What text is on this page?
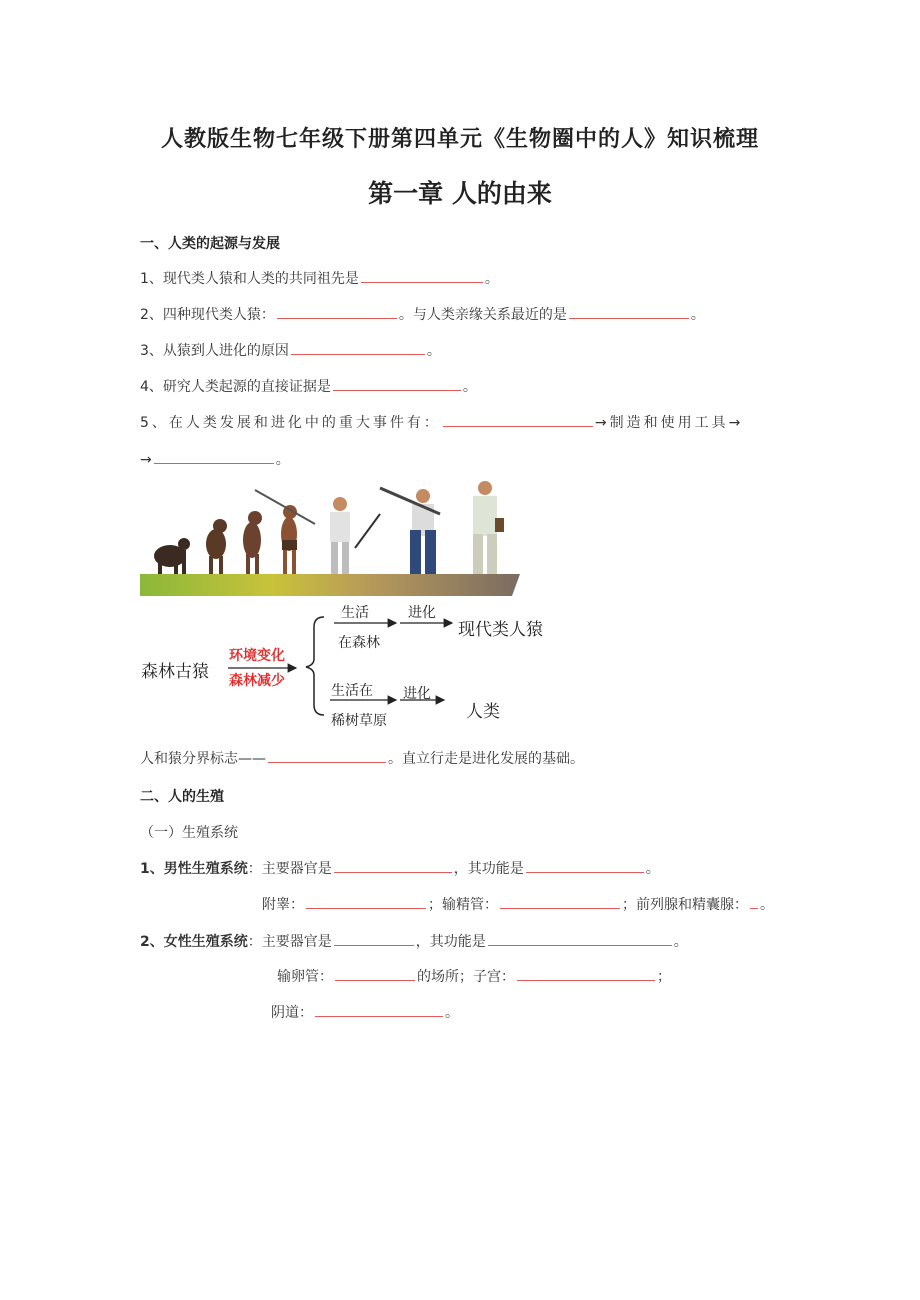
人教版生物七年级下册第四单元《生物圈中的人》知识梳理
第一章 人的由来
一、人类的起源与发展
1、现代类人猿和人类的共同祖先是	。
2、四种现代类人猿：	。与人类亲缘关系最近的是	。
3、从猿到人进化的原因	。
4、研究人类起源的直接证据是	。
5、在人类发展和进化中的重大事件有：	→制造和使用工具→
→	。
森林古猿
环境变化
森林减少
生活
在森林
进化
现代类人猿
生活在
稀树草原
进化
人类
人和猿分界标志——	。直立行走是进化发展的基础。
二、人的生殖
（一）生殖系统
1、男性生殖系统：主要器官是	，其功能是	。
附睾：	；输精管：	；前列腺和精囊腺： 。
2、女性生殖系统：主要器官是	，其功能是	。
输卵管：	的场所；子宫：	；
阴道：	。
